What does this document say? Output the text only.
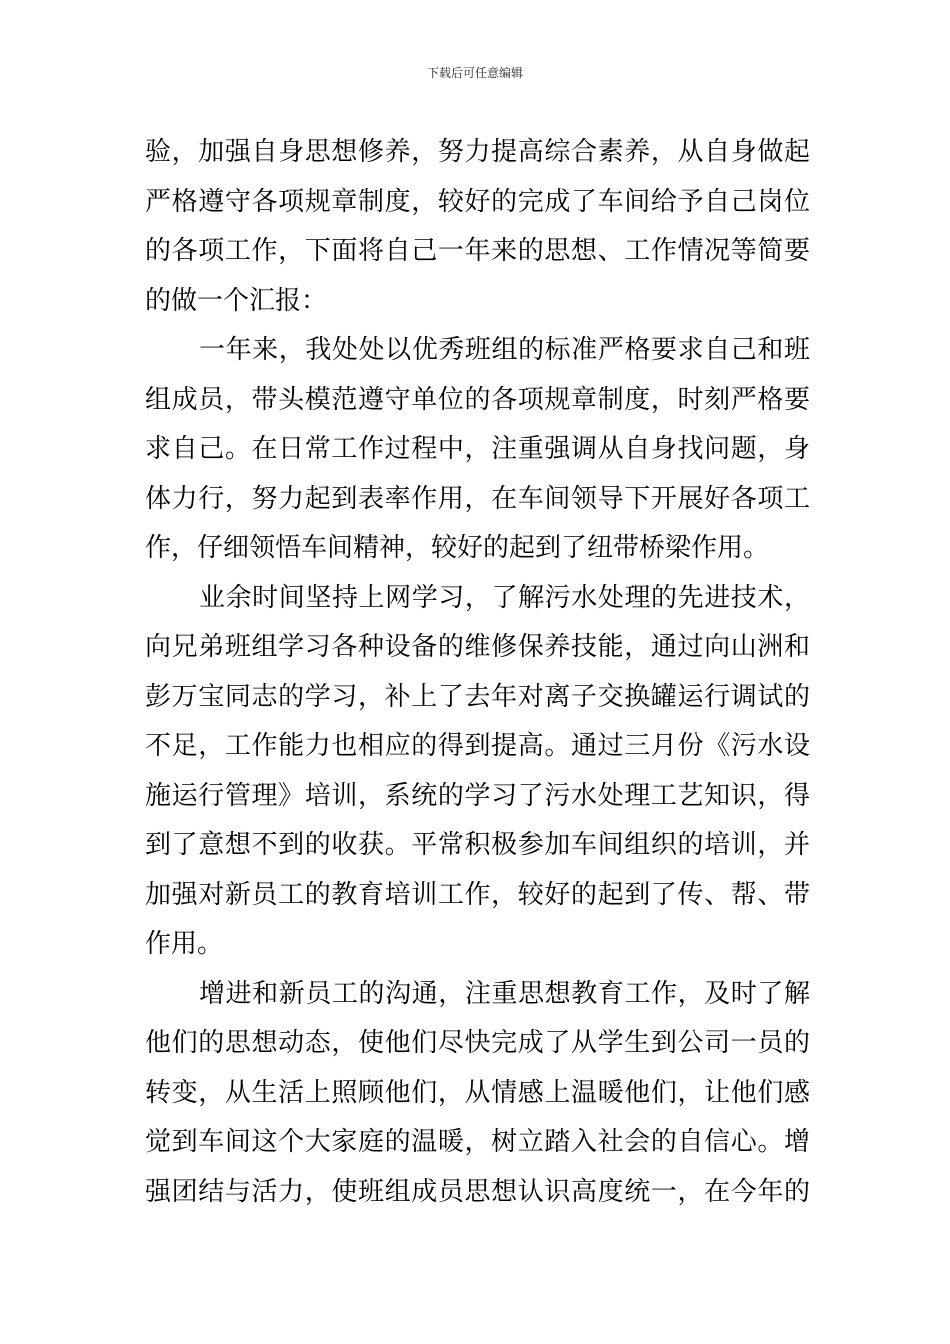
下载后可任意编辑
验，加强自身思想修养，努力提高综合素养，从自身做起
严格遵守各项规章制度，较好的完成了车间给予自己岗位
的各项工作，下面将自己一年来的思想、工作情况等简要
的做一个汇报：
一年来，我处处以优秀班组的标准严格要求自己和班
组成员，带头模范遵守单位的各项规章制度，时刻严格要
求自己。在日常工作过程中，注重强调从自身找问题，身
体力行，努力起到表率作用，在车间领导下开展好各项工
作，仔细领悟车间精神，较好的起到了纽带桥梁作用。
业余时间坚持上网学习，了解污水处理的先进技术，
向兄弟班组学习各种设备的维修保养技能，通过向山洲和
彭万宝同志的学习，补上了去年对离子交换罐运行调试的
不足，工作能力也相应的得到提高。通过三月份《污水设
施运行管理》培训，系统的学习了污水处理工艺知识，得
到了意想不到的收获。平常积极参加车间组织的培训，并
加强对新员工的教育培训工作，较好的起到了传、帮、带
作用。
增进和新员工的沟通，注重思想教育工作，及时了解
他们的思想动态，使他们尽快完成了从学生到公司一员的
转变，从生活上照顾他们，从情感上温暖他们，让他们感
觉到车间这个大家庭的温暖，树立踏入社会的自信心。增
强团结与活力，使班组成员思想认识高度统一，在今年的
